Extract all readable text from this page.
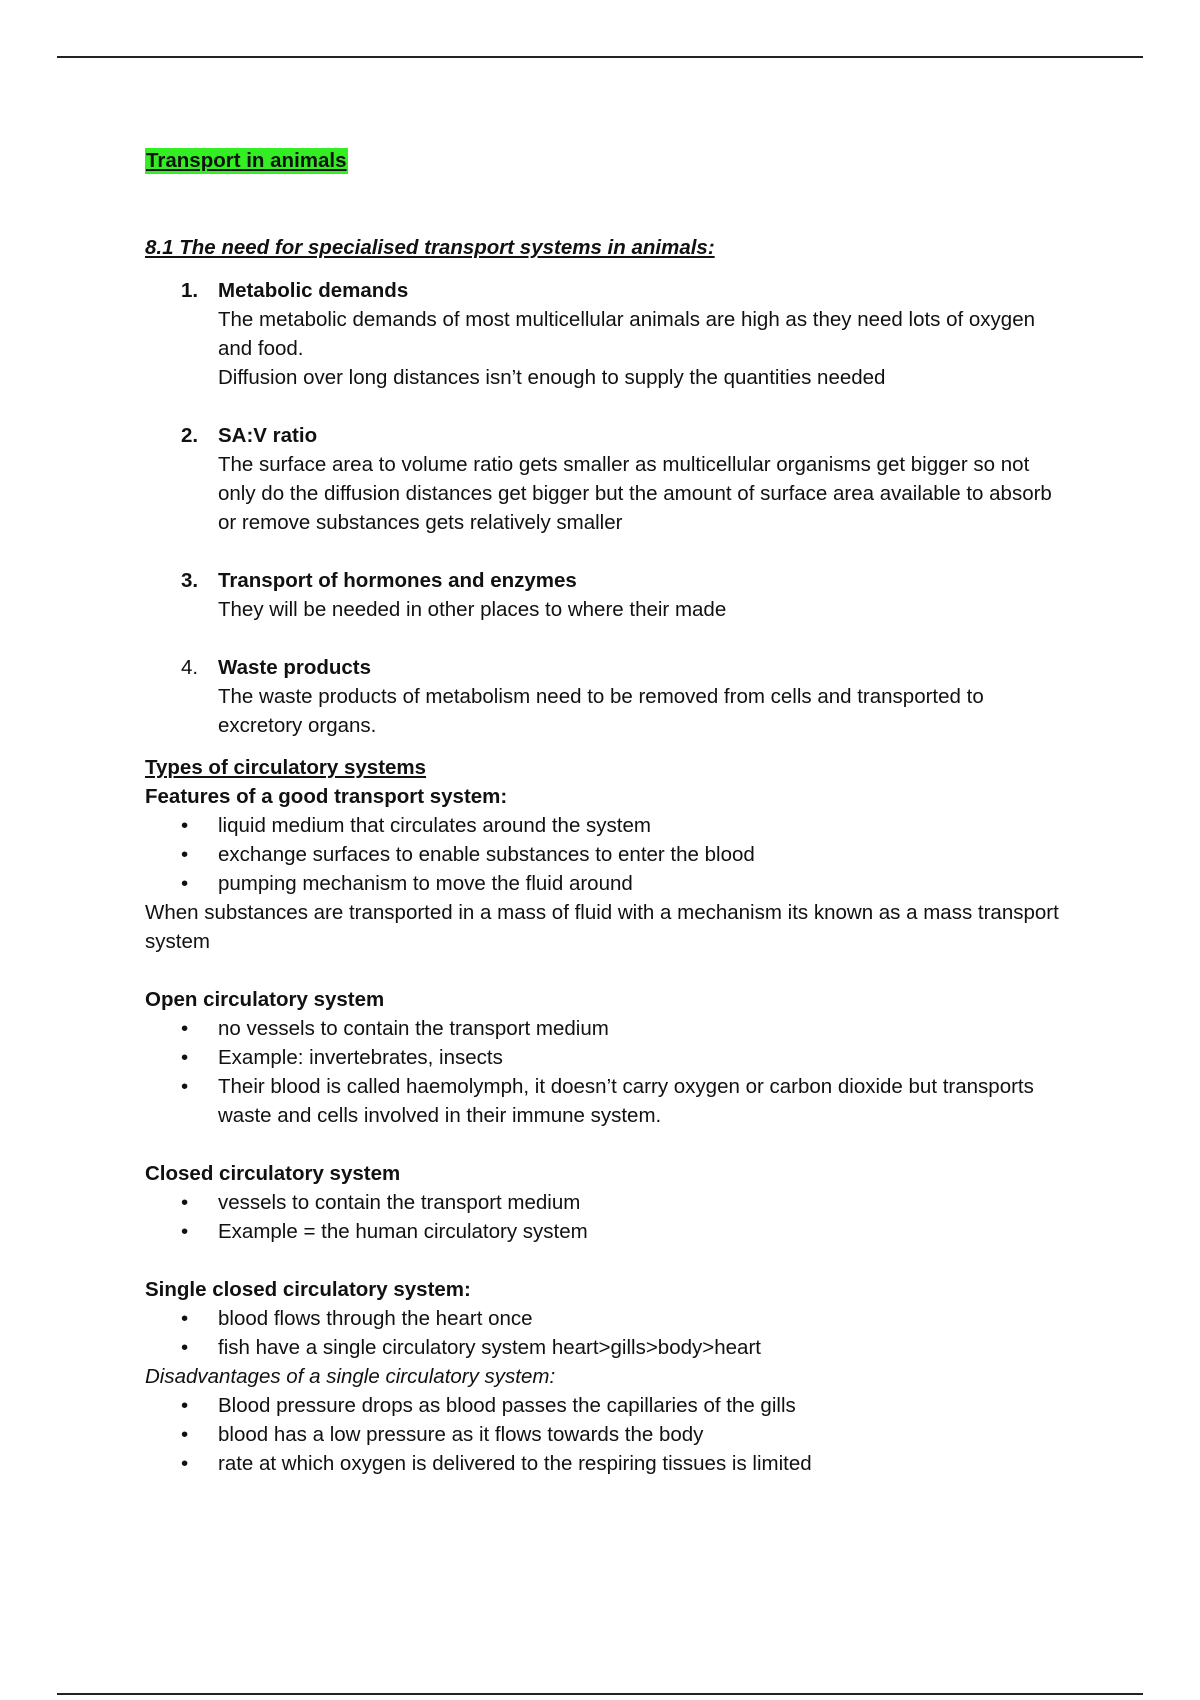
Transport in animals
8.1 The need for specialised transport systems in animals:
1. Metabolic demands

The metabolic demands of most multicellular animals are high as they need lots of oxygen and food.

Diffusion over long distances isn’t enough to supply the quantities needed

2. SA:V ratio

The surface area to volume ratio gets smaller as multicellular organisms get bigger so not only do the diffusion distances get bigger but the amount of surface area available to absorb or remove substances gets relatively smaller

3. Transport of hormones and enzymes

They will be needed in other places to where their made

4. Waste products

The waste products of metabolism need to be removed from cells and transported to excretory organs.

Types of circulatory systems

Features of a good transport system:

• liquid medium that circulates around the system
• exchange surfaces to enable substances to enter the blood
• pumping mechanism to move the fluid around

When substances are transported in a mass of fluid with a mechanism its known as a mass transport system

Open circulatory system

• no vessels to contain the transport medium
• Example: invertebrates, insects
• Their blood is called haemolymph, it doesn’t carry oxygen or carbon dioxide but transports waste and cells involved in their immune system.

Closed circulatory system

• vessels to contain the transport medium
• Example = the human circulatory system

Single closed circulatory system:

• blood flows through the heart once
• fish have a single circulatory system heart>gills>body>heart

Disadvantages of a single circulatory system:

• Blood pressure drops as blood passes the capillaries of the gills
• blood has a low pressure as it flows towards the body
• rate at which oxygen is delivered to the respiring tissues is limited
